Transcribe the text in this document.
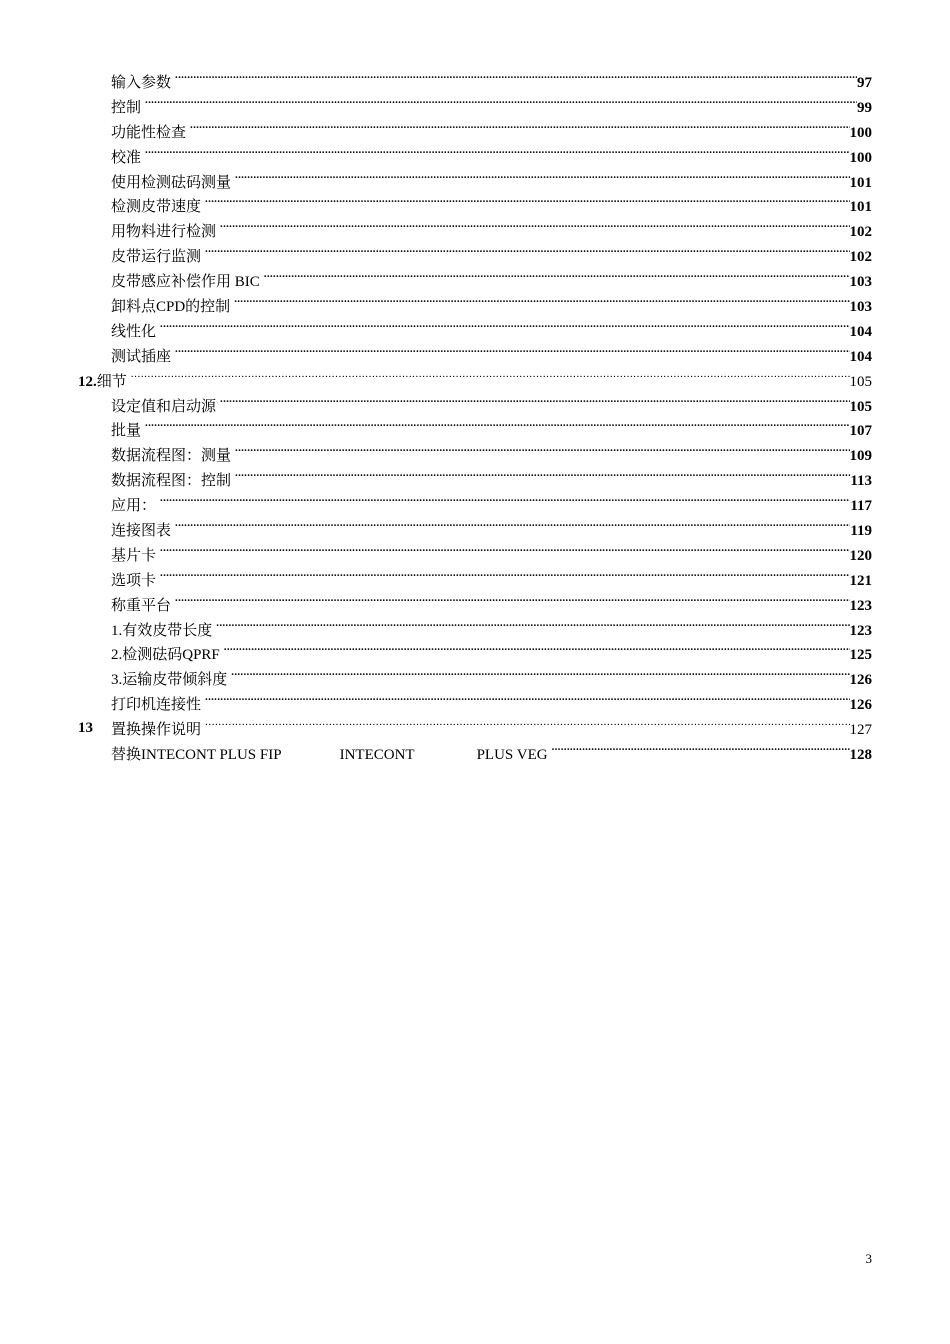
输入参数 .....	97
控制 .....	99
功能性检查 .....	100
校准 .....	100
使用检测砝码测量 .....	101
检测皮带速度 .....	101
用物料进行检测 .....	102
皮带运行监测 .....	102
皮带感应补偿作用 BIC .....	103
卸料点CPD的控制 .....	103
线性化 .....	104
测试插座 .....	104
12.细节 .....	105
设定值和启动源 .....	105
批量 .....	107
数据流程图：测量 .....	109
数据流程图：控制 .....	113
应用： .....	117
连接图表 .....	119
基片卡 .....	120
选项卡 .....	121
称重平台 .....	123
1.有效皮带长度 .....	123
2.检测砝码QPRF .....	125
3.运输皮带倾斜度 .....	126
打印机连接性 .....	126
13 置换操作说明 .....	127
替换INTECONT PLUS FIP	INTECONT	PLUS VEG .....	128
3
